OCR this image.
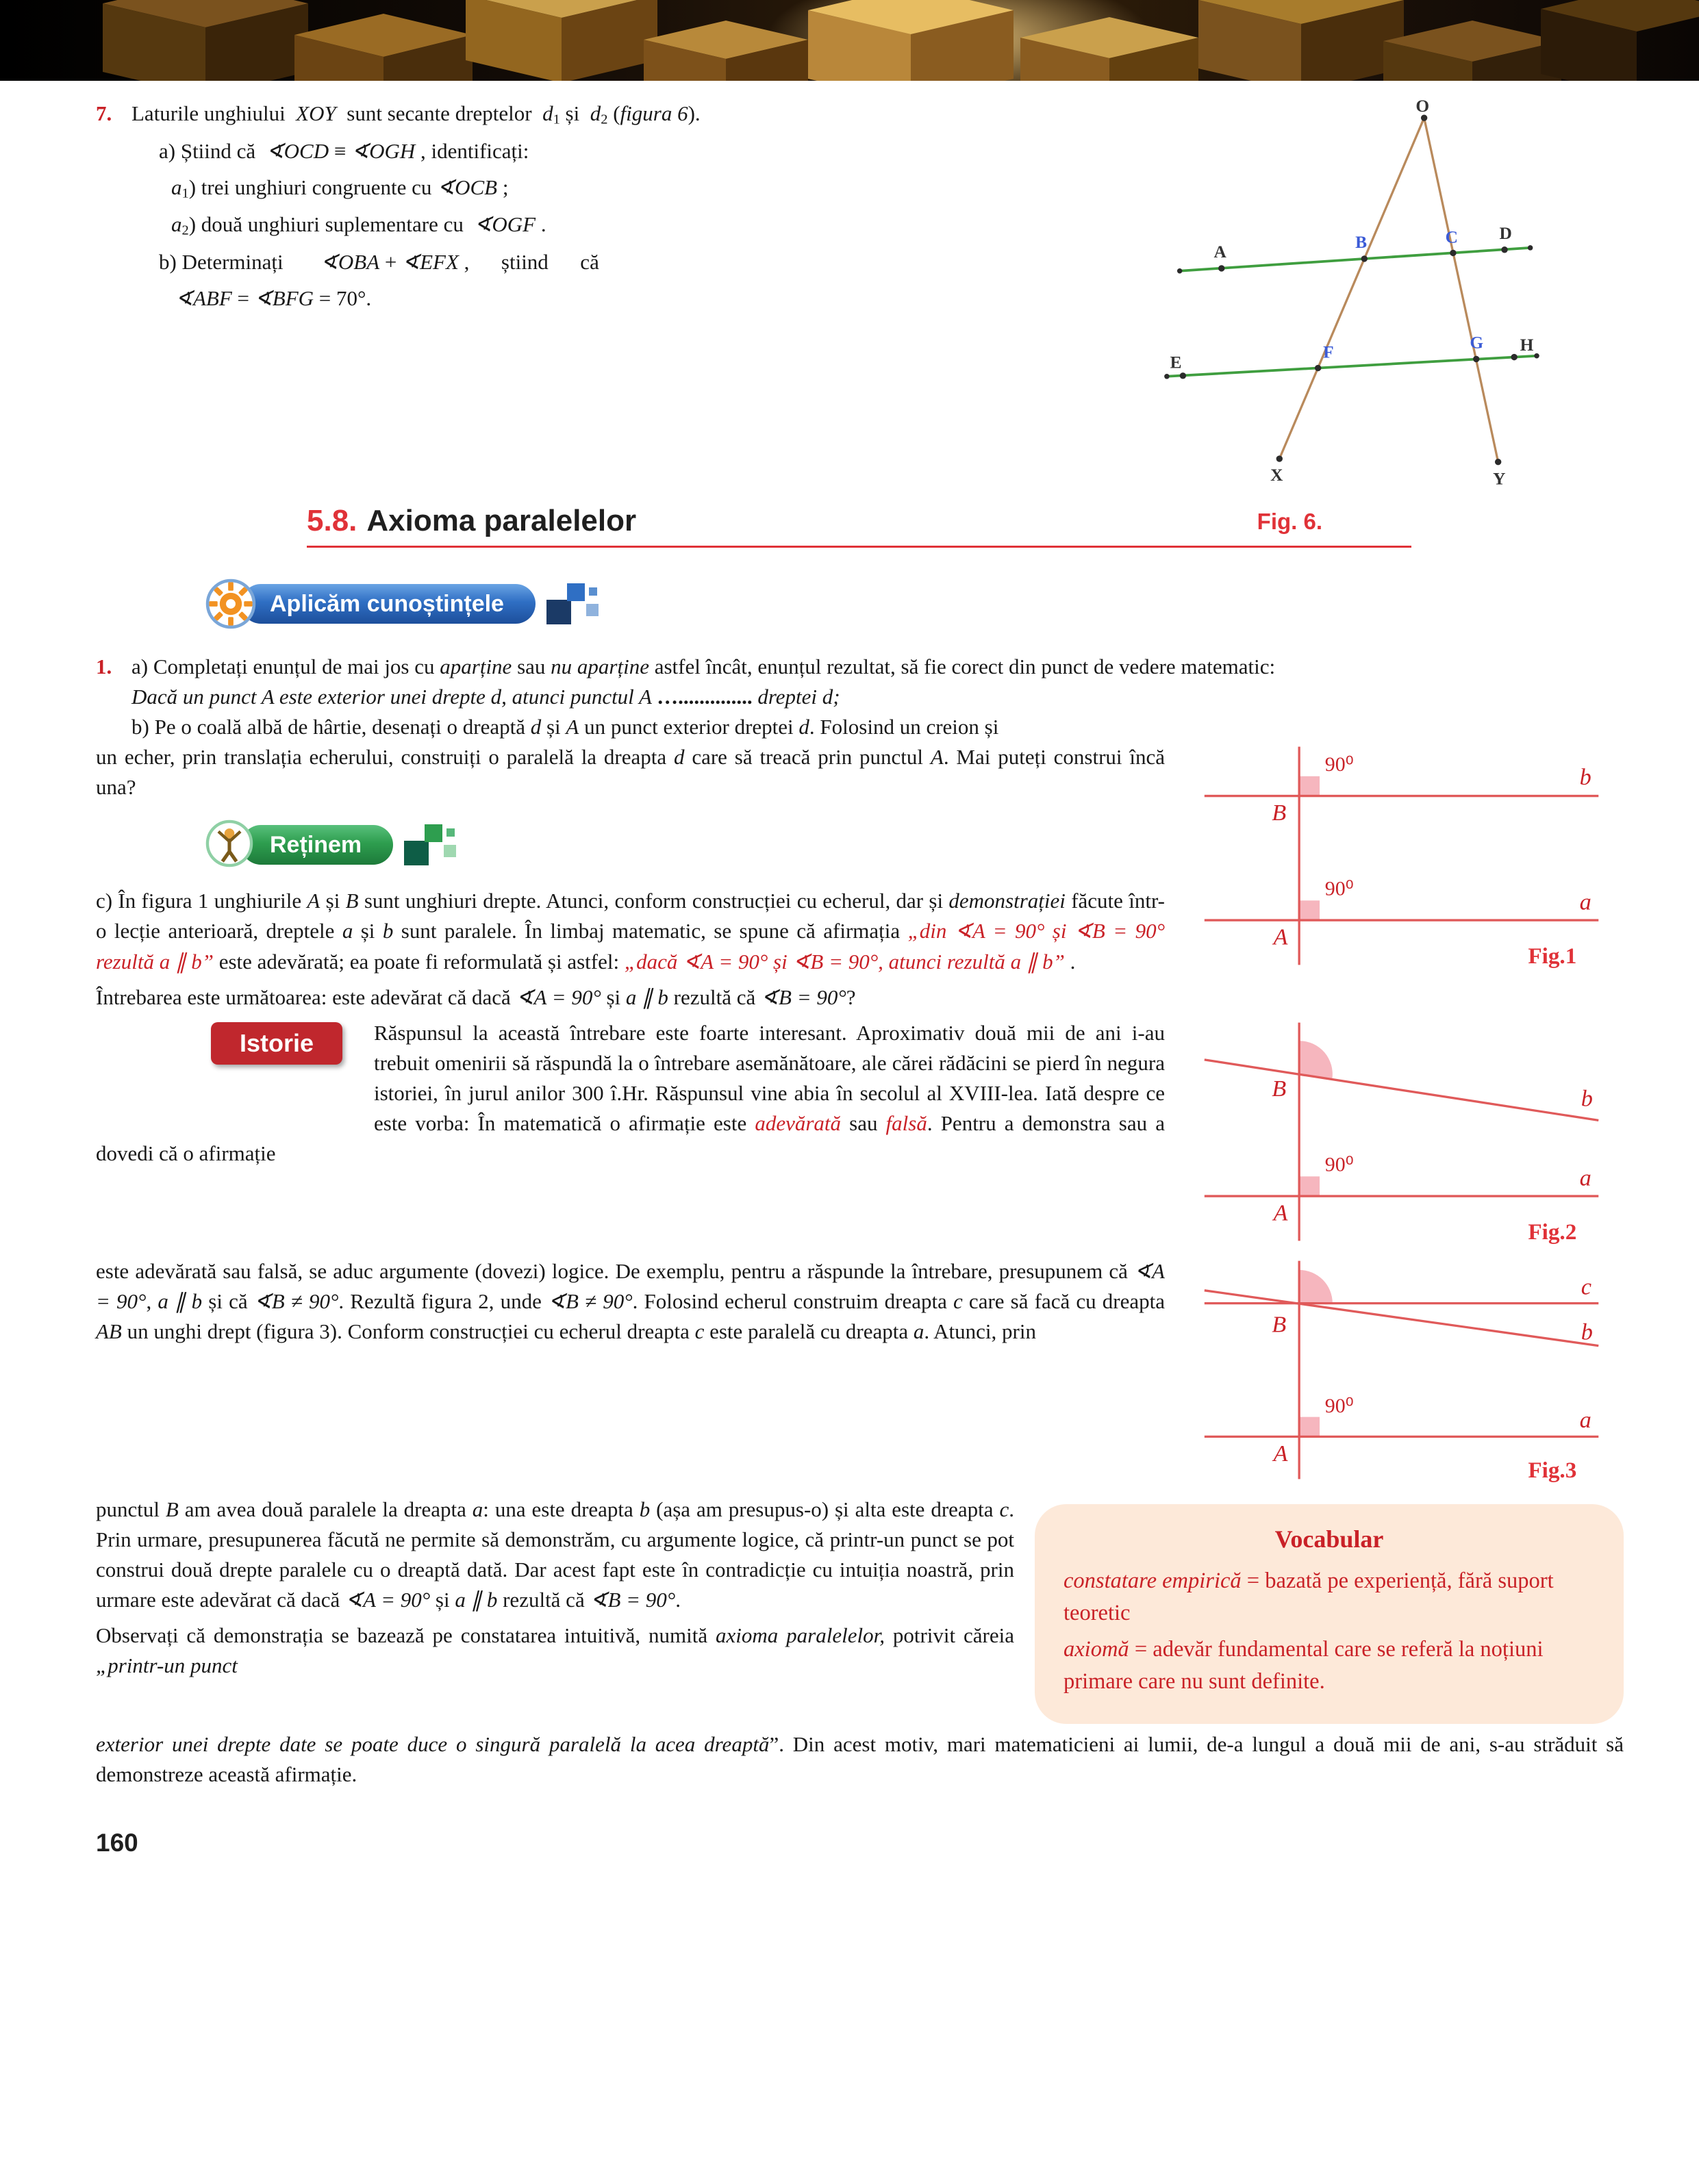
7. Laturile unghiului  XOY  sunt secante dreptelor  d1 și  d2 (figura 6).
a) Știind că  ∢OCD ≡ ∢OGH , identificați:
a1) trei unghiuri congruente cu ∢OCB ;
a2) două unghiuri suplementare cu  ∢OGF .
b) Determinați       ∢OBA + ∢EFX ,      știind      că
∢ABF = ∢BFG = 70°.
O
A
B	C D
E
F
G H
X	Y
5.8. Axioma paralelelor	Fig. 6.
Aplicăm cunoștințele
1. a) Completați enunțul de mai jos cu aparține sau nu aparține astfel încât, enunțul rezultat, să fie corect din punct de vedere matematic:

Dacă un punct A este exterior unei drepte d, atunci punctul A ….............. dreptei d;

b) Pe o coală albă de hârtie, desenați o dreaptă d și A un punct exterior dreptei d. Folosind un creion și

un echer, prin translația echerului, construiți o paralelă la dreapta d care să treacă prin punctul A. Mai puteți construi încă una?

Reținem

c) În figura 1 unghiurile A și B sunt unghiuri drepte. Atunci, conform construcției cu echerul, dar și demonstrației făcute într-o lecție anterioară, dreptele a și b sunt paralele. În limbaj matematic, se spune că afirmația „din ∢A = 90° și ∢B = 90° rezultă a ∥ b” este adevărată; ea poate fi reformulată și astfel: „dacă ∢A = 90° și ∢B = 90°, atunci rezultă a ∥ b” .

90⁰
90⁰
b
a
B
A
Fig.1

Întrebarea este următoarea: este adevărat că dacă ∢A = 90° și a ∥ b rezultă că ∢B = 90°?

Istorie	Răspunsul la această întrebare este foarte interesant. Aproximativ două mii de ani i-au trebuit omenirii să răspundă la o întrebare asemănătoare, ale cărei rădăcini se pierd în negura istoriei, în jurul anilor 300 î.Hr. Răspunsul vine abia în secolul al XVIII-lea. Iată despre ce este vorba: În matematică o afirmație este adevărată sau falsă. Pentru a demonstra sau a dovedi că o afirmație	90⁰
b
a
B
A
Fig.2

este adevărată sau falsă, se aduc argumente (dovezi) logice. De exemplu, pentru a răspunde la întrebare, presupunem că ∢A = 90°, a ∥ b și că ∢B ≠ 90°. Rezultă figura 2, unde ∢B ≠ 90°. Folosind echerul construim dreapta c care să facă cu dreapta AB un unghi drept (figura 3). Conform construcției cu echerul dreapta c este paralelă cu dreapta a. Atunci, prin

90⁰
c
b
a
B
A
Fig.3

punctul B am avea două paralele la dreapta a: una este dreapta b (așa am presupus-o) și alta este dreapta c. Prin urmare, presupunerea făcută ne permite să demonstrăm, cu argumente logice, că printr-un punct se pot construi două drepte paralele cu o dreaptă dată. Dar acest fapt este în contradicție cu intuiția noastră, prin urmare este adevărat că dacă ∢A = 90° și a ∥ b rezultă că ∢B = 90°.

Observați că demonstrația se bazează pe constatarea intuitivă, numită axioma paralelelor, potrivit căreia „printr-un punct

Vocabular

constatare empirică = bazată pe experiență, fără suport teoretic

axiomă = adevăr fundamental care se referă la noțiuni primare care nu sunt definite.

exterior unei drepte date se poate duce o singură paralelă la acea dreaptă”. Din acest motiv, mari matematicieni ai lumii, de-a lungul a două mii de ani, s-au străduit să demonstreze această afirmație.

160
